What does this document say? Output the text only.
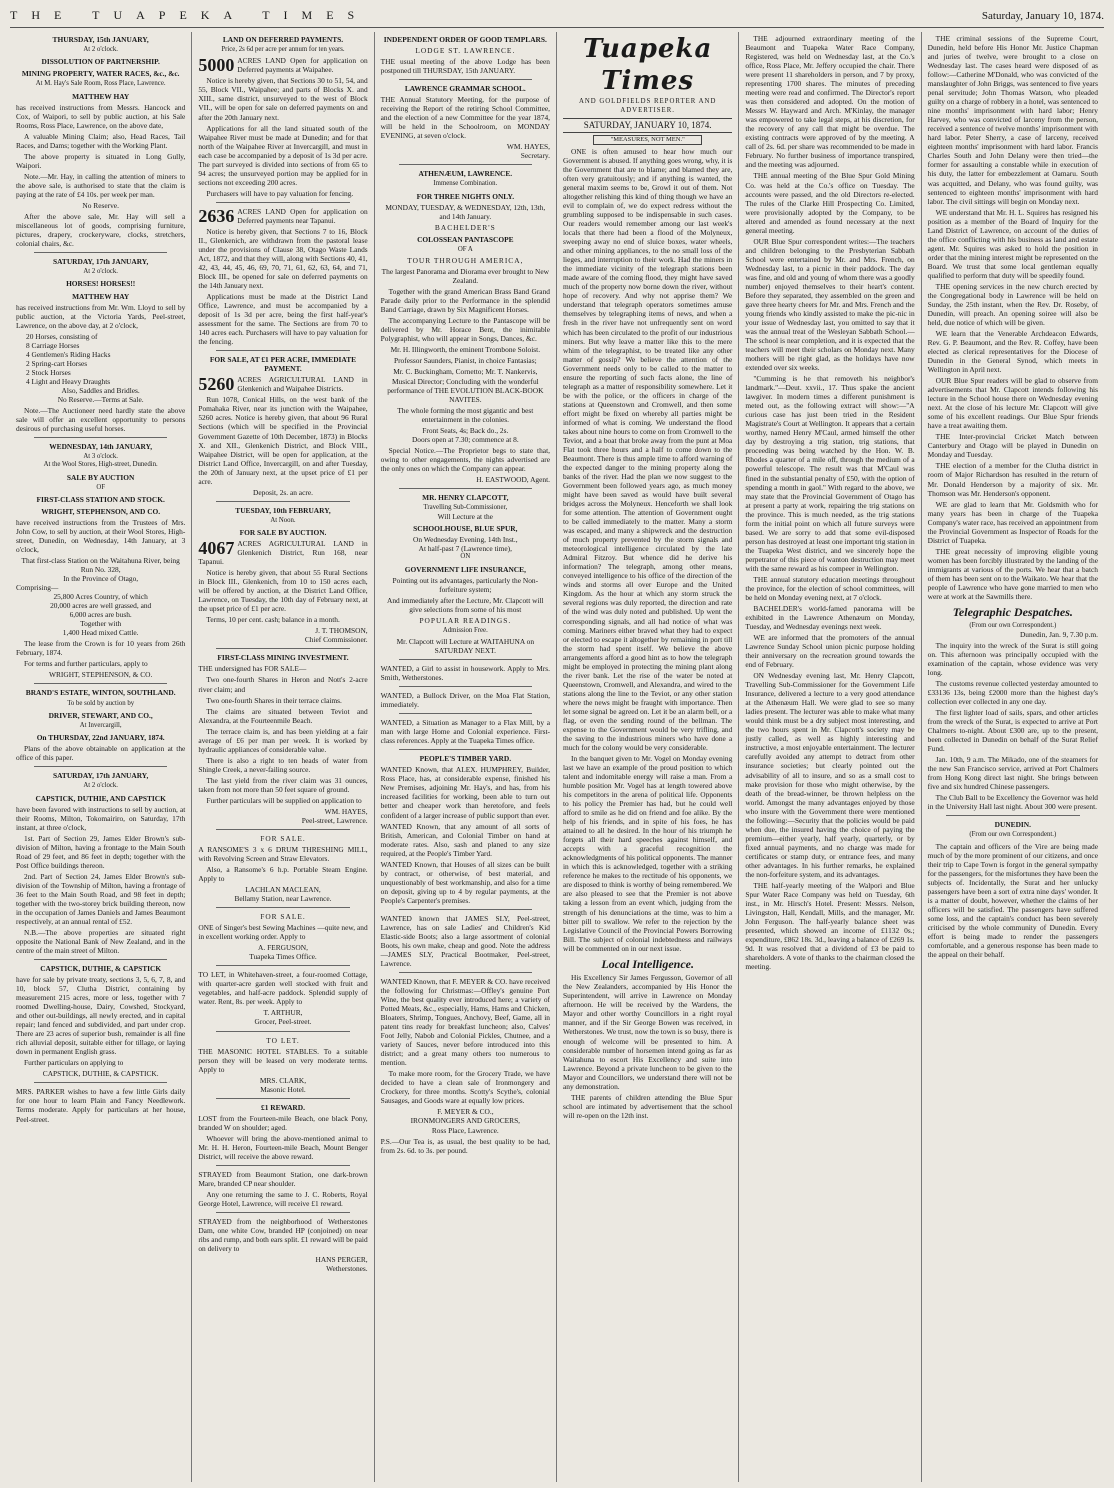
THE TUAPEKA TIMES	Saturday, January 10, 1874.
THURSDAY, 15th JANUARY,
At 2 o'clock.
DISSOLUTION OF PARTNERSHIP.
MINING PROPERTY, WATER RACES, &c., &c.
At M. Hay's Sale Room, Ross Place, Lawrence.
MATTHEW HAY

has received instructions from Messrs. Hancock and Cox, of Waipori, to sell by public auction, at his Sale Rooms, Ross Place, Lawrence, on the above date,

A valuable Mining Claim; also, Head Races, Tail Races, and Dams; together with the Working Plant.

The above property is situated in Long Gully, Waipori.

Note.—Mr. Hay, in calling the attention of miners to the above sale, is authorised to state that the claim is paying at the rate of £4 10s. per week per man.

No Reserve.

After the above sale, Mr. Hay will sell a miscellaneous lot of goods, comprising furniture, pictures, drapery, crockeryware, clocks, stretchers, colonial chairs, &c.

SATURDAY, 17th JANUARY,
At 2 o'clock.
HORSES! HORSES!!
MATTHEW HAY

has received instructions from Mr. Wm. Lloyd to sell by public auction, at the Victoria Yards, Peel-street, Lawrence, on the above day, at 2 o'clock,

20 Horses, consisting of
8 Carriage Horses
4 Gentlemen's Riding Hacks
2 Spring-cart Horses
2 Stock Horses
4 Light and Heavy Draughts
Also, Saddles and Bridles.
No Reserve.—Terms at Sale.

Note.—The Auctioneer need hardly state the above sale will offer an excellent opportunity to persons desirous of purchasing useful horses.

WEDNESDAY, 14th JANUARY,
At 3 o'clock.
At the Wool Stores, High-street, Dunedin.
SALE BY AUCTION
OF
FIRST-CLASS STATION AND STOCK.
WRIGHT, STEPHENSON, AND CO.

have received instructions from the Trustees of Mrs. John Cow, to sell by auction, at their Wool Stores, High-street, Dunedin, on Wednesday, 14th January, at 3 o'clock,

That first-class Station on the Waitahuna River, being Run No. 328,
In the Province of Otago,
Comprising—
25,800 Acres Country, of which
20,000 acres are well grassed, and
6,000 acres are bush.
Together with
1,400 Head mixed Cattle.

The lease from the Crown is for 10 years from 26th February, 1874.

For terms and further particulars, apply to

WRIGHT, STEPHENSON, & CO.
BRAND'S ESTATE, WINTON, SOUTHLAND.
To be sold by auction by
DRIVER, STEWART, AND CO.,
At Invercargill,
On THURSDAY, 22nd JANUARY, 1874.

Plans of the above obtainable on application at the office of this paper.

SATURDAY, 17th JANUARY,
At 2 o'clock.
CAPSTICK, DUTHIE, AND CAPSTICK

have been favored with instructions to sell by auction, at their Rooms, Milton, Tokomairiro, on Saturday, 17th instant, at three o'clock,

1st. Part of Section 29, James Elder Brown's sub-division of Milton, having a frontage to the Main South Road of 29 feet, and 86 feet in depth; together with the Post Office buildings thereon.

2nd. Part of Section 24, James Elder Brown's sub-division of the Township of Milton, having a frontage of 36 feet to the Main South Road, and 98 feet in depth; together with the two-storey brick building thereon, now in the occupation of James Daniels and James Beaumont respectively, at an annual rental of £52.

N.B.—The above properties are situated right opposite the National Bank of New Zealand, and in the centre of the main street of Milton.

CAPSTICK, DUTHIE, & CAPSTICK

have for sale by private treaty, sections 3, 5, 6, 7, 8, and 10, block 57, Clutha District, containing by measurement 215 acres, more or less, together with 7 roomed Dwelling-house, Dairy, Cowshed, Stockyard, and other out-buildings, all newly erected, and in capital repair; land fenced and subdivided, and part under crop. There are 23 acres of superior bush, remainder is all fine rich alluvial deposit, suitable either for tillage, or laying down in permanent English grass.

Further particulars on applying to

CAPSTICK, DUTHIE, & CAPSTICK.

MRS. PARKER wishes to have a few little Girls daily for one hour to learn Plain and Fancy Needlework. Terms moderate. Apply for particulars at her house, Peel-street.

LAND ON DEFERRED PAYMENTS.
Price, 2s 6d per acre per annum for ten years.

5000 ACRES LAND Open for application on Deferred payments at Waipahee.

Notice is hereby given, that Sections 30 to 51, 54, and 55, Block VII., Waipahee; and parts of Blocks X. and XIII., same district, unsurveyed to the west of Block VII., will be open for sale on deferred payments on and after the 20th January next.

Applications for all the land situated south of the Waipahee River must be made at Dunedin; and for that north of the Waipahee River at Invercargill, and must in each case be accompanied by a deposit of 1s 3d per acre. The part surveyed is divided into sections of from 65 to 94 acres; the unsurveyed portion may be applied for in sections not exceeding 200 acres.

Purchasers will have to pay valuation for fencing.

2636 ACRES LAND Open for application on Deferred payments near Tapanui.

Notice is hereby given, that Sections 7 to 16, Block II., Glenkenich, are withdrawn from the pastoral lease under the provisions of Clause 38, Otago Waste Lands Act, 1872, and that they will, along with Sections 40, 41, 42, 43, 44, 45, 46, 69, 70, 71, 61, 62, 63, 64, and 71, Block III., be opened for sale on deferred payments on the 14th January next.

Applications must be made at the District Land Office, Lawrence, and must be accompanied by a deposit of 1s 3d per acre, being the first half-year's assessment for the same. The Sections are from 70 to 140 acres each. Purchasers will have to pay valuation for the fencing.

FOR SALE, AT £1 PER ACRE, IMMEDIATE PAYMENT.

5260 ACRES AGRICULTURAL LAND in Glenkenich and Waipahee Districts.

Run 1078, Conical Hills, on the west bank of the Pomahaka River, near its junction with the Waipahee, 5260 acres. Notice is hereby given, that about 96 Rural Sections (which will be specified in the Provincial Government Gazette of 10th December, 1873) in Blocks X. and XII., Glenkenich District, and Block VIII., Waipahee District, will be open for application, at the District Land Office, Invercargill, on and after Tuesday, the 20th of January next, at the upset price of £1 per acre.

Deposit, 2s. an acre.
TUESDAY, 10th FEBRUARY,
At Noon.
FOR SALE BY AUCTION.

4067 ACRES AGRICULTURAL LAND in Glenkenich District, Run 168, near Tapanui.

Notice is hereby given, that about 55 Rural Sections in Block III., Glenkenich, from 10 to 150 acres each, will be offered by auction, at the District Land Office, Lawrence, on Tuesday, the 10th day of February next, at the upset price of £1 per acre.

Terms, 10 per cent. cash; balance in a month.

J. T. THOMSON,
Chief Commissioner.
FIRST-CLASS MINING INVESTMENT.

THE undersigned has FOR SALE—

Two one-fourth Shares in Heron and Nott's 2-acre river claim; and

Two one-fourth Shares in their terrace claims.

The claims are situated between Teviot and Alexandra, at the Fourteenmile Beach.

The terrace claim is, and has been yielding at a fair average of £6 per man per week. It is worked by hydraulic appliances of considerable value.

There is also a right to ten heads of water from Shingle Creek, a never-failing source.

The last yield from the river claim was 31 ounces, taken from not more than 50 feet square of ground.

Further particulars will be supplied on application to

WM. HAYES,
Peel-street, Lawrence.
FOR SALE.

A RANSOME'S 3 x 6 DRUM THRESHING MILL, with Revolving Screen and Straw Elevators.

Also, a Ransome's 6 h.p. Portable Steam Engine. Apply to

LACHLAN MACLEAN,
Bellamy Station, near Lawrence.
FOR SALE.

ONE of Singer's best Sewing Machines —quite new, and in excellent working order. Apply to

A. FERGUSON,
Tuapeka Times Office.

TO LET, in Whitehaven-street, a four-roomed Cottage, with quarter-acre garden well stocked with fruit and vegetables, and half-acre paddock. Splendid supply of water. Rent, 8s. per week. Apply to

T. ARTHUR,
Grocer, Peel-street.
TO LET.

THE MASONIC HOTEL STABLES. To a suitable person they will be leased on very moderate terms. Apply to

MRS. CLARK,
Masonic Hotel.
£1 REWARD.

LOST from the Fourteen-mile Beach, one black Pony, branded W on shoulder; aged.

Whoever will bring the above-mentioned animal to Mr. H. H. Heron, Fourteen-mile Beach, Mount Benger District, will receive the above reward.

STRAYED from Beaumont Station, one dark-brown Mare, branded CP near shoulder.

Any one returning the same to J. C. Roberts, Royal George Hotel, Lawrence, will receive £1 reward.

STRAYED from the neighborhood of Wetherstones Dam, one white Cow, branded HP (conjoined) on near ribs and rump, and both ears split. £1 reward will be paid on delivery to

HANS PERGER,
Wetherstones.
INDEPENDENT ORDER OF GOOD TEMPLARS.
LODGE ST. LAWRENCE.

THE usual meeting of the above Lodge has been postponed till THURSDAY, 15th JANUARY.

LAWRENCE GRAMMAR SCHOOL.

THE Annual Statutory Meeting, for the purpose of receiving the Report of the retiring School Committee, and the election of a new Committee for the year 1874, will be held in the Schoolroom, on MONDAY EVENING, at seven o'clock.

WM. HAYES,
Secretary.
ATHENÆUM, LAWRENCE.
Immense Combination.
FOR THREE NIGHTS ONLY.
MONDAY, TUESDAY, & WEDNESDAY, 12th, 13th, and 14th January.
BACHELDER'S
COLOSSEAN PANTASCOPE
OF A
TOUR THROUGH AMERICA,

The largest Panorama and Diorama ever brought to New Zealand.

Together with the grand American Brass Band Grand Parade daily prior to the Performance in the splendid Band Carriage, drawn by Six Magnificent Horses.

The accompanying Lecture to the Pantascope will be delivered by Mr. Horace Bent, the inimitable Polygraphist, who will appear in Songs, Dances, &c.

Mr. H. Illingworth, the eminent Trombone Soloist.

Professor Saunders, Pianist, in choice Fantasias;

Mr. C. Buckingham, Cornetto; Mr. T. Nankervis, Musical Director; Concluding with the wonderful performance of THE EVOLUTION BLACK-BOOK NAVITES.

The whole forming the most gigantic and best entertainment in the colonies.

Front Seats, 4s; Back do., 2s.
Doors open at 7.30; commence at 8.

Special Notice.—The Proprietor begs to state that, owing to other engagements, the nights advertised are the only ones on which the Company can appear.

H. EASTWOOD, Agent.
MR. HENRY CLAPCOTT,
Travelling Sub-Commissioner,
Will Lecture at the
SCHOOLHOUSE, BLUE SPUR,
On Wednesday Evening, 14th Inst.,
At half-past 7 (Lawrence time),
ON
GOVERNMENT LIFE INSURANCE,

Pointing out its advantages, particularly the Non-forfeiture system;

And immediately after the Lecture, Mr. Clapcott will give selections from some of his most

POPULAR READINGS.
Admission Free.

Mr. Clapcott will Lecture at WAITAHUNA on SATURDAY NEXT.

WANTED, a Girl to assist in housework. Apply to Mrs. Smith, Wetherstones.

WANTED, a Bullock Driver, on the Moa Flat Station, immediately.

WANTED, a Situation as Manager to a Flax Mill, by a man with large Home and Colonial experience. First-class references. Apply at the Tuapeka Times office.

PEOPLE'S TIMBER YARD.

WANTED Known, that ALEX. HUMPHREY, Builder, Ross Place, has, at considerable expense, finished his New Premises, adjoining Mr. Hay's, and has, from his increased facilities for working, been able to turn out better and cheaper work than heretofore, and feels confident of a larger increase of public support than ever.

WANTED Known, that any amount of all sorts of British, American, and Colonial Timber on hand at moderate rates. Also, sash and planed to any size required, at the People's Timber Yard.

WANTED Known, that Houses of all sizes can be built by contract, or otherwise, of best material, and unquestionably of best workmanship, and also for a time on deposit, giving up to 4 by regular payments, at the People's Carpenter's premises.

WANTED known that JAMES SLY, Peel-street, Lawrence, has on sale Ladies' and Children's Kid Elastic-side Boots; also a large assortment of colonial Boots, his own make, cheap and good. Note the address—JAMES SLY, Practical Bootmaker, Peel-street, Lawrence.

WANTED Known, that F. MEYER & CO. have received the following for Christmas:—Offley's genuine Port Wine, the best quality ever introduced here; a variety of Potted Meats, &c., especially, Hams, Hams and Chicken, Bloaters, Shrimp, Tongues, Anchovy, Beef, Game, all in patent tins ready for breakfast luncheon; also, Calves' Foot Jelly, Nabob and Colonial Pickles, Chutnee, and a variety of Sauces, never before introduced into this district; and a great many others too numerous to mention.

To make more room, for the Grocery Trade, we have decided to have a clean sale of Ironmongery and Crockery, for three months. Scotty's Scythe's, colonial Sausages, and Goods ware at equally low prices.

F. MEYER & CO.,
IRONMONGERS AND GROCERS,
Ross Place, Lawrence.

P.S.—Our Tea is, as usual, the best quality to be had, from 2s. 6d. to 3s. per pound.

Tuapeka Times
AND GOLDFIELDS REPORTER AND ADVERTISER.
SATURDAY, JANUARY 10, 1874.
"MEASURES, NOT MEN."

ONE is often amused to hear how much our Government is abused. If anything goes wrong, why, it is the Government that are to blame; and blamed they are, often very gratuitously; and if anything is wanted, the general maxim seems to be, Growl it out of them. Not altogether relishing this kind of thing though we have an evil to complain of, we do expect redress without the grumbling supposed to be indispensable in such cases. Our readers would remember among our last week's locals that there had been a flood of the Molyneux, sweeping away no end of sluice boxes, water wheels, and other mining appliances, to the no small loss of the lieges, and interruption to their work. Had the miners in the immediate vicinity of the telegraph stations been made aware of the coming flood, they might have saved much of the property now borne down the river, without hope of recovery. And why not apprise them? We understand that telegraph operators sometimes amuse themselves by telegraphing items of news, and when a fresh in the river have not unfrequently sent on word which has been circulated to the profit of our industrious miners. But why leave a matter like this to the mere whim of the telegraphist, to be treated like any other matter of gossip? We believe the attention of the Government needs only to be called to the matter to ensure the reporting of such facts alone, the line of telegraph as a matter of responsibility somewhere. Let it be with the police, or the officers in charge of the stations at Queenstown and Cromwell, and then some effort might be fixed on whereby all parties might be informed of what is coming. We understand the flood takes about nine hours to come on from Cromwell to the Teviot, and a boat that broke away from the punt at Moa Flat took three hours and a half to come down to the Beaumont. There is thus ample time to afford warning of the expected danger to the mining property along the banks of the river. Had the plan we now suggest to the Government been followed years ago, as much money might have been saved as would have built several bridges across the Molyneux. Henceforth we shall look for some attention. The attention of Government ought to be called immediately to the matter. Many a storm was escaped, and many a shipwreck and the destruction of much property prevented by the storm signals and meteorological intelligence circulated by the late Admiral Fitzroy. But whence did he derive his information? The telegraph, among other means, conveyed intelligence to his office of the direction of the winds and storms all over Europe and the United Kingdom. As the hour at which any storm struck the several regions was duly reported, the direction and rate of the wind was duly noted and published. Up went the corresponding signals, and all had notice of what was coming. Mariners either braved what they had to expect or elected to escape it altogether by remaining in port till the storm had spent itself. We believe the above arrangements afford a good hint as to how the telegraph might be employed in protecting the mining plant along the river bank. Let the rise of the water be noted at Queenstown, Cromwell, and Alexandra, and wired to the stations along the line to the Teviot, or any other station where the news might be fraught with importance. Then let some signal be agreed on. Let it be an alarm bell, or a flag, or even the sending round of the bellman. The expense to the Government would be very trifling, and the saving to the industrious miners who have done a much for the colony would be very considerable.

In the banquet given to Mr. Vogel on Monday evening last we have an example of the proud position to which talent and indomitable energy will raise a man. From a humble position Mr. Vogel has at length towered above his competitors in the arena of political life. Opponents to his policy the Premier has had, but he could well afford to smile as he did on friend and foe alike. By the help of his friends, and in spite of his foes, he has attained to all he desired. In the hour of his triumph he forgets all their hard speeches against himself, and accepts with a graceful recognition the acknowledgments of his political opponents. The manner in which this is acknowledged, together with a striking reference he makes to the rectitude of his opponents, we are disposed to think is worthy of being remembered. We are also pleased to see that the Premier is not above taking a lesson from an event which, judging from the strength of his denunciations at the time, was to him a bitter pill to swallow. We refer to the rejection by the Legislative Council of the Provincial Powers Borrowing Bill. The subject of colonial indebtedness and railways will be commented on in our next issue.

Local Intelligence.

His Excellency Sir James Fergusson, Governor of all the New Zealanders, accompanied by His Honor the Superintendent, will arrive in Lawrence on Monday afternoon. He will be received by the Wardens, the Mayor and other worthy Councillors in a right royal manner, and if the Sir George Bowen was received, in Wetherstones. We trust, now the town is so busy, there is enough of welcome will be presented to him. A considerable number of horsemen intend going as far as Waitahuna to escort His Excellency and suite into Lawrence. Beyond a private luncheon to be given to the Mayor and Councillors, we understand there will not be any demonstration.

THE parents of children attending the Blue Spur school are intimated by advertisement that the school will re-open on the 12th inst.

THE adjourned extraordinary meeting of the Beaumont and Tuapeka Water Race Company, Registered, was held on Wednesday last, at the Co.'s office, Ross Place, Mr. Jeffery occupied the chair. There were present 11 shareholders in person, and 7 by proxy, representing 1700 shares. The minutes of preceding meeting were read and confirmed. The Director's report was then considered and adopted. On the motion of Messrs W. Hayward and Arch. M'Kinlay, the manager was empowered to take legal steps, at his discretion, for the recovery of any call that might be overdue. The existing contracts were approved of by the meeting. A call of 2s. 6d. per share was recommended to be made in February. No further business of importance transpired, and the meeting was adjourned.

THE annual meeting of the Blue Spur Gold Mining Co. was held at the Co.'s office on Tuesday. The accounts were passed, and the old Directors re-elected. The rules of the Clarke Hill Prospecting Co. Limited, were provisionally adopted by the Company, to be altered and amended as found necessary at the next general meeting.

OUR Blue Spur correspondent writes:—The teachers and children belonging to the Presbyterian Sabbath School were entertained by Mr. and Mrs. French, on Wednesday last, to a picnic in their paddock. The day was fine, and old and young of whom there was a goodly number) enjoyed themselves to their heart's content. Before they separated, they assembled on the green and gave three hearty cheers for Mr. and Mrs. French and the young friends who kindly assisted to make the pic-nic in your issue of Wednesday last, you omitted to say that it was the annual treat of the Wesleyan Sabbath School.—The school is near completion, and it is expected that the teachers will meet their scholars on Monday next. Many mothers will be right glad, as the holidays have now extended over six weeks.

"Cumming is he that removeth his neighbor's landmark."—Deut. xxvii., 17. Thus spake the ancient lawgiver. In modern times a different punishment is meted out, as the following extract will show:—"A curious case has just been tried in the Resident Magistrate's Court at Wellington. It appears that a certain worthy, named Henry M'Caul, armed himself the other day by destroying a trig station, trig stations, that proceeding was being watched by the Hon. W. B. Rhodes a quarter of a mile off, through the medium of a powerful telescope. The result was that M'Caul was fined in the substantial penalty of £50, with the option of spending a month in gaol." With regard to the above, we may state that the Provincial Government of Otago has at present a party at work, repairing the trig stations on the province. This is much needed, as the trig stations form the initial point on which all future surveys were based. We are sorry to add that some evil-disposed person has destroyed at least one important trig station in the Tuapeka West district, and we sincerely hope the perpetrator of this piece of wanton destruction may meet with the same reward as his compeer in Wellington.

THE annual statutory education meetings throughout the province, for the election of school committees, will be held on Monday evening next, at 7 o'clock.

BACHELDER's world-famed panorama will be exhibited in the Lawrence Athenæum on Monday, Tuesday, and Wednesday evenings next week.

WE are informed that the promoters of the annual Lawrence Sunday School union picnic purpose holding their anniversary on the recreation ground towards the end of February.

ON Wednesday evening last, Mr. Henry Clapcott, Travelling Sub-Commissioner for the Government Life Insurance, delivered a lecture to a very good attendance at the Athenæum Hall. We were glad to see so many ladies present. The lecturer was able to make what many would think must be a dry subject most interesting, and the two hours spent in Mr. Clapcott's society may be justly called, as well as highly interesting and instructive, a most enjoyable entertainment. The lecturer carefully avoided any attempt to detract from other insurance societies; but clearly pointed out the advisability of all to insure, and so as a small cost to make provision for those who might otherwise, by the death of the bread-winner, be thrown helpless on the world. Amongst the many advantages enjoyed by those who insure with the Government there were mentioned the following:—Security that the policies would be paid when due, the insured having the choice of paying the premium—either yearly, half yearly, quarterly, or by fixed annual payments, and no charge was made for certificates or stamp duty, or entrance fees, and many other advantages. In his further remarks, he explained the non-forfeiture system, and its advantages.

THE half-yearly meeting of the Walpori and Blue Spur Water Race Company was held on Tuesday, 6th inst., in Mr. Hirsch's Hotel. Present: Messrs. Nelson, Livingston, Hall, Kendall, Mills, and the manager, Mr. John Ferguson. The half-yearly balance sheet was presented, which showed an income of £1132 0s.; expenditure, £862 18s. 3d., leaving a balance of £269 1s. 9d. It was resolved that a dividend of £3 be paid to shareholders. A vote of thanks to the chairman closed the meeting.

THE criminal sessions of the Supreme Court, Dunedin, held before His Honor Mr. Justice Chapman and juries of twelve, were brought to a close on Wednesday last. The cases heard were disposed of as follow:—Catherine M'Donald, who was convicted of the manslaughter of John Briggs, was sentenced to five years penal servitude; John Thomas Watson, who pleaded guilty on a charge of robbery in a hotel, was sentenced to nine months' imprisonment with hard labor; Henry Harvey, who was convicted of larceny from the person, received a sentence of twelve months' imprisonment with hard labor. Peter Sherry, a case of larceny, received eighteen months' imprisonment with hard labor. Francis Charles South and John Delany were then tried—the former for assaulting a constable while in execution of his duty, the latter for embezzlement at Oamaru. South was acquitted, and Delany, who was found guilty, was sentenced to eighteen months' imprisonment with hard labor. The civil sittings will begin on Monday next.

WE understand that Mr. H. L. Squires has resigned his position as a member of the Board of Inquiry for the Land District of Lawrence, on account of the duties of the office conflicting with his business as land and estate agent. Mr. Squires was asked to hold the position in order that the mining interest might be represented on the Board. We trust that some local gentleman equally qualified to perform that duty will be speedily found.

THE opening services in the new church erected by the Congregational body in Lawrence will be held on Sunday, the 25th instant, when the Rev. Dr. Roseby, of Dunedin, will preach. An opening soiree will also be held, due notice of which will be given.

WE learn that the Venerable Archdeacon Edwards, Rev. G. P. Beaumont, and the Rev. R. Coffey, have been elected as clerical representatives for the Diocese of Dunedin in the General Synod, which meets in Wellington in April next.

OUR Blue Spur readers will be glad to observe from advertisements that Mr. Clapcott intends following his lecture in the School house there on Wednesday evening next. At the close of his lecture Mr. Clapcott will give some of his excellent readings. Our Blue Spur friends have a treat awaiting them.

THE Inter-provincial Cricket Match between Canterbury and Otago will be played in Dunedin on Monday and Tuesday.

THE election of a member for the Clutha district in room of Major Richardson has resulted in the return of Mr. Donald Henderson by a majority of six. Mr. Thomson was Mr. Henderson's opponent.

WE are glad to learn that Mr. Goldsmith who for many years has been in charge of the Tuapeka Company's water race, has received an appointment from the Provincial Government as Inspector of Roads for the District of Tuapeka.

THE great necessity of improving eligible young women has been forcibly illustrated by the landing of the immigrants at various of the ports. We hear that a batch of them has been sent on to the Waikato. We hear that the people of Lawrence who have gone married to men who were at work at the Sawmills there.

Telegraphic Despatches.
(From our own Correspondent.)
Dunedin, Jan. 9, 7.30 p.m.

The inquiry into the wreck of the Surat is still going on. This afternoon was principally occupied with the examination of the captain, whose evidence was very long.

The customs revenue collected yesterday amounted to £33136 13s, being £2000 more than the highest day's collection ever collected in any one day.

The first lighter load of sails, spars, and other articles from the wreck of the Surat, is expected to arrive at Port Chalmers to-night. About £300 are, up to the present, been collected in Dunedin on behalf of the Surat Relief Fund.

Jan. 10th, 9 a.m. The Mikado, one of the steamers for the new San Francisco service, arrived at Port Chalmers from Hong Kong direct last night. She brings between five and six hundred Chinese passengers.

The Club Ball to be Excellency the Governor was held in the University Hall last night. About 300 were present.

DUNEDIN.
(From our own Correspondent.)

The captain and officers of the Vire are being made much of by the more prominent of our citizens, and once their trip to Cape Town is forgot in the general sympathy for the passengers, for the misfortunes they have been the subjects of. Incidentally, the Surat and her unlucky passengers have been a sort of extra nine days' wonder. It is a matter of doubt, however, whether the claims of her officers will be satisfied. The passengers have suffered some loss, and the captain's conduct has been severely criticised by the whole community of Dunedin. Every effort is being made to render the passengers comfortable, and a generous response has been made to the appeal on their behalf.
